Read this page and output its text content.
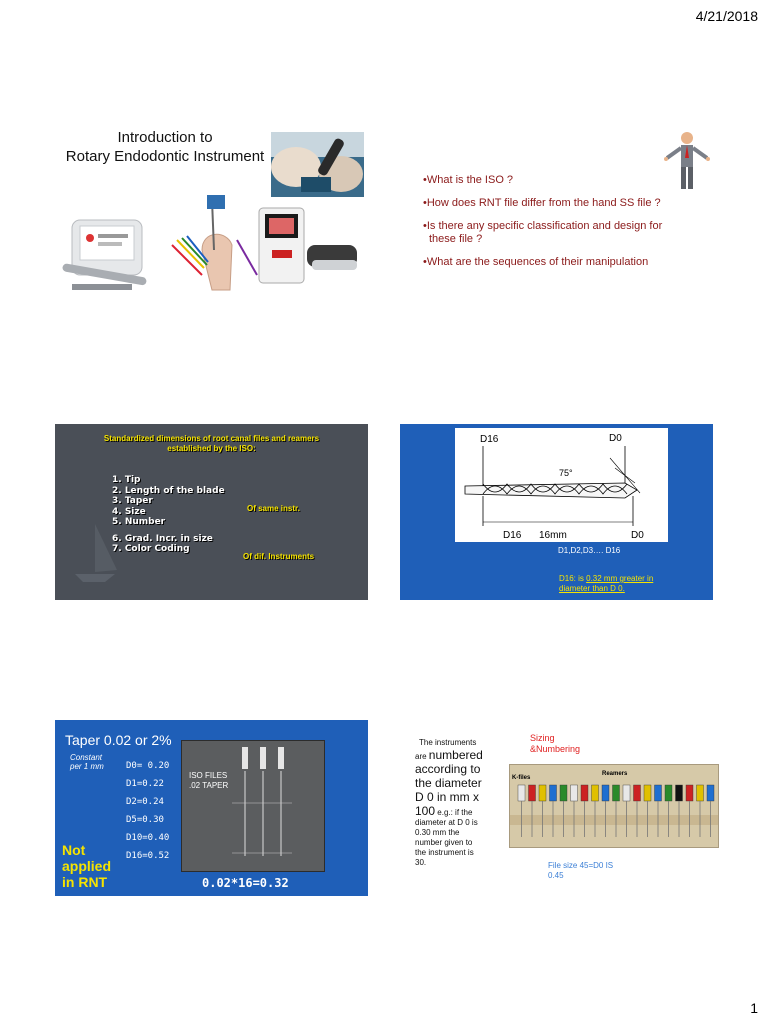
4/21/2018
Introduction to
Rotary Endodontic Instrument
•What is the ISO ?
•How does RNT file differ from the hand SS file ?
•Is there any specific classification and design for
these file ?
•What are the sequences of their manipulation
Standardized dimensions of root canal files and reamers established by the ISO:
1. Tip
2. Length of the blade
3. Taper
4. Size
5. Number
6. Grad. Incr. in size
7. Color Coding
Of same instr.
Of dif. Instruments
D16	D0
75°
D16 16mm	D0
D1,D2,D3…. D16
D16: is 0.32 mm greater in diameter than D 0.
Taper 0.02 or 2%
Constant
per 1 mm D0= 0.20
D1=0.22
D2=0.24
D5=0.30
D10=0.40
D16=0.52
Not
applied
in RNT
ISO FILES
.02 TAPER
0.02*16=0.32
The instruments
are numbered
according to
the diameter
D 0 in mm x
100 e.g.: if the
diameter at D 0 is
0.30 mm the
number given to
the instrument is
30.
Sizing
&Numbering
K-files
Reamers
File size 45=D0 IS
0.45
1
